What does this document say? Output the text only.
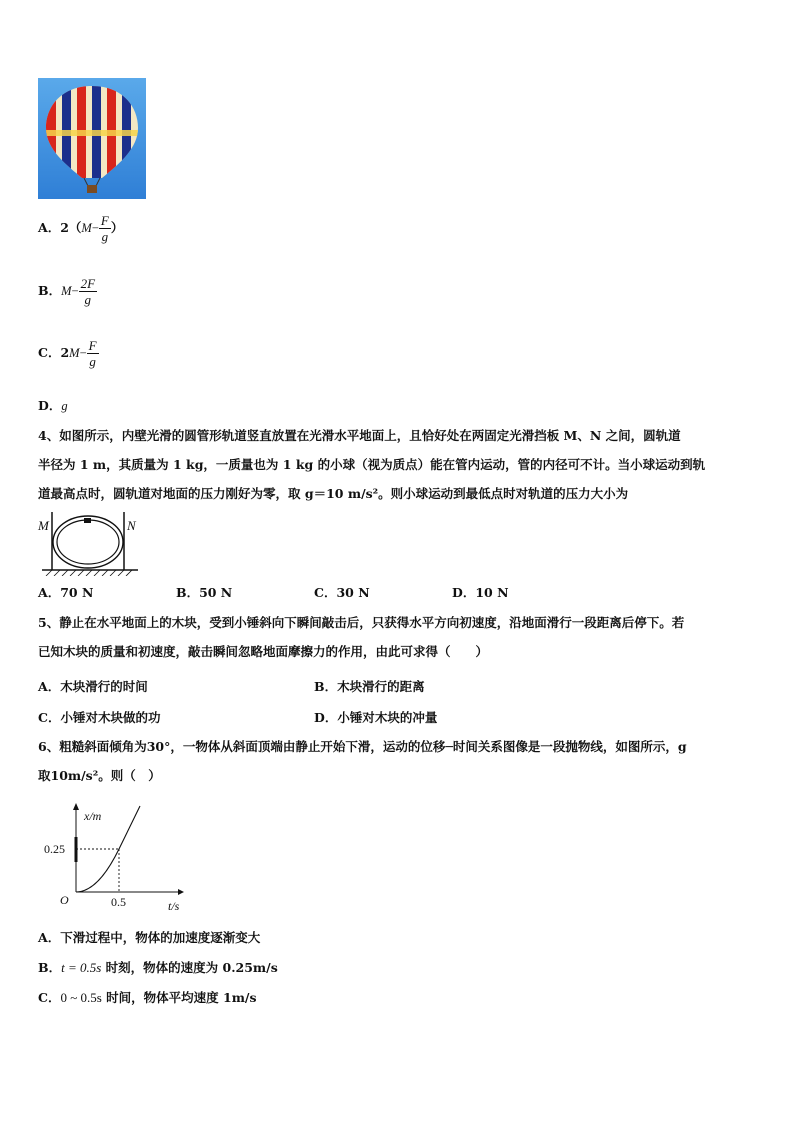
A．$2(M- \frac{F}{g}$ ）
B．$M- \frac{2F}{g}$
C．$2M- \frac{F}{g}$
D．g
4、如图所示，内壁光滑的圆管形轨道竖直放置在光滑水平地面上，且恰好处在两固定光滑挡板 M、N 之间，圆轨道
半径为 1 m，其质量为 1 kg，一质量也为 1 kg 的小球（视为质点）能在管内运动，管的内径可不计。当小球运动到轨
道最高点时，圆轨道对地面的压力刚好为零，取 g＝10 m/s²。则小球运动到最低点时对轨道的压力大小为
M	N
A．70 N	B．50 N	C．30 N	D．10 N
5、静止在水平地面上的木块，受到小锤斜向下瞬间敲击后，只获得水平方向初速度，沿地面滑行一段距离后停下。若
已知木块的质量和初速度，敲击瞬间忽略地面摩擦力的作用，由此可求得（　　）
A．木块滑行的时间	B．木块滑行的距离
C．小锤对木块做的功	D．小锤对木块的冲量
6、粗糙斜面倾角为30°，一物体从斜面顶端由静止开始下滑，运动的位移─时间关系图像是一段抛物线，如图所示，g
取10m/s²。则（　）
x/m
t/s
O
0.25
0.5
A．下滑过程中，物体的加速度逐渐变大
B．t = 0.5s 时刻，物体的速度为 0.25m/s
C．0 ~ 0.5s 时间，物体平均速度 1m/s
